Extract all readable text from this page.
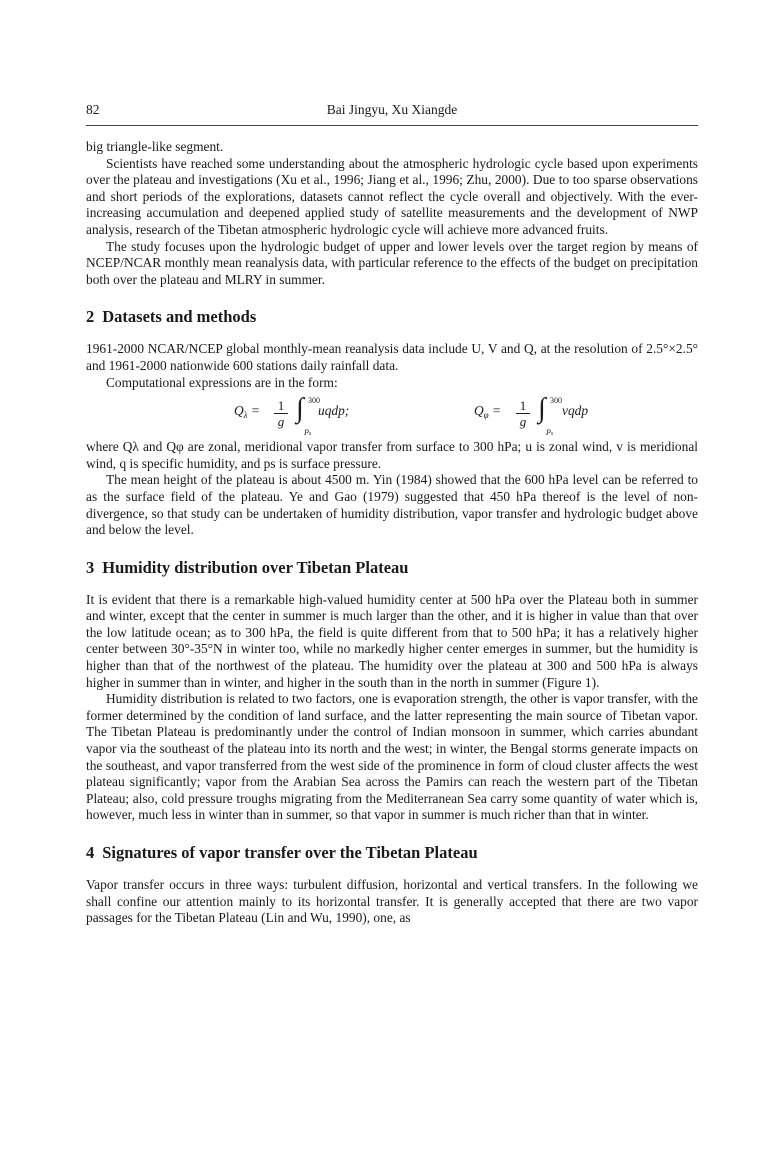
82	Bai Jingyu, Xu Xiangde

big triangle-like segment.

Scientists have reached some understanding about the atmospheric hydrologic cycle based upon experiments over the plateau and investigations (Xu et al., 1996; Jiang et al., 1996; Zhu, 2000). Due to too sparse observations and short periods of the explorations, datasets cannot reflect the cycle overall and objectively. With the ever-increasing accumulation and deepened applied study of satellite measurements and the development of NWP analysis, research of the Tibetan atmospheric hydrologic cycle will achieve more advanced fruits.

The study focuses upon the hydrologic budget of upper and lower levels over the target region by means of NCEP/NCAR monthly mean reanalysis data, with particular reference to the effects of the budget on precipitation both over the plateau and MLRY in summer.

2 Datasets and methods

1961-2000 NCAR/NCEP global monthly-mean reanalysis data include U, V and Q, at the resolution of 2.5°×2.5° and 1961-2000 nationwide 600 stations daily rainfall data.

Computational expressions are in the form:

$Q_\lambda = 1$
g ∫ 300
Ps
uqdp;	$Q_\varphi = 1$
g ∫ 300
Ps
vqdp

where Qλ and Qφ are zonal, meridional vapor transfer from surface to 300 hPa; u is zonal wind, v is meridional wind, q is specific humidity, and ps is surface pressure.

The mean height of the plateau is about 4500 m. Yin (1984) showed that the 600 hPa level can be referred to as the surface field of the plateau. Ye and Gao (1979) suggested that 450 hPa thereof is the level of non-divergence, so that study can be undertaken of humidity distribution, vapor transfer and hydrologic budget above and below the level.

3 Humidity distribution over Tibetan Plateau

It is evident that there is a remarkable high-valued humidity center at 500 hPa over the Plateau both in summer and winter, except that the center in summer is much larger than the other, and it is higher in value than that over the low latitude ocean; as to 300 hPa, the field is quite different from that to 500 hPa; it has a relatively higher center between 30°-35°N in winter too, while no markedly higher center emerges in summer, but the humidity is higher than that of the northwest of the plateau. The humidity over the plateau at 300 and 500 hPa is always higher in summer than in winter, and higher in the south than in the north in summer (Figure 1).

Humidity distribution is related to two factors, one is evaporation strength, the other is vapor transfer, with the former determined by the condition of land surface, and the latter representing the main source of Tibetan vapor. The Tibetan Plateau is predominantly under the control of Indian monsoon in summer, which carries abundant vapor via the southeast of the plateau into its north and the west; in winter, the Bengal storms generate impacts on the southeast, and vapor transferred from the west side of the prominence in form of cloud cluster affects the west plateau significantly; vapor from the Arabian Sea across the Pamirs can reach the western part of the Tibetan Plateau; also, cold pressure troughs migrating from the Mediterranean Sea carry some quantity of water which is, however, much less in winter than in summer, so that vapor in summer is much richer than that in winter.

4 Signatures of vapor transfer over the Tibetan Plateau

Vapor transfer occurs in three ways: turbulent diffusion, horizontal and vertical transfers. In the following we shall confine our attention mainly to its horizontal transfer. It is generally accepted that there are two vapor passages for the Tibetan Plateau (Lin and Wu, 1990), one, as
